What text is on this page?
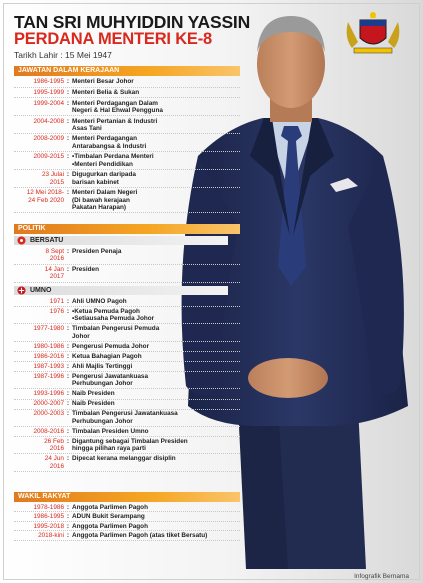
TAN SRI MUHYIDDIN YASSIN
PERDANA MENTERI KE-8
Tarikh Lahir : 15 Mei 1947
JAWATAN DALAM KERAJAAN
1986-1995 : Menteri Besar Johor
1995-1999 : Menteri Belia & Sukan
1999-2004 : Menteri Perdagangan Dalam
Negeri & Hal Ehwal Pengguna
2004-2008 : Menteri Pertanian & Industri
Asas Tani
2008-2009 : Menteri Perdagangan
Antarabangsa & Industri
2009-2015 : • Timbalan Perdana Menteri
• Menteri Pendidikan
23 Julai
2015
: Digugurkan daripada
barisan kabinet
12 Mei 2018-
24 Feb 2020
: Menteri Dalam Negeri
(Di bawah kerajaan
Pakatan Harapan)
POLITIK
BERSATU
8 Sept
2016
: Presiden Penaja
14 Jan
2017
: Presiden
UMNO
1971 : Ahli UMNO Pagoh
1976 : • Ketua Pemuda Pagoh
• Setiausaha Pemuda Johor
1977-1980 : Timbalan Pengerusi Pemuda
Johor
1980-1986 : Pengerusi Pemuda Johor
1986-2016 : Ketua Bahagian Pagoh
1987-1993 : Ahli Majlis Tertinggi
1987-1996 : Pengerusi Jawatankuasa
Perhubungan Johor
1993-1996 : Naib Presiden
2000-2007 : Naib Presiden
2000-2003 : Timbalan Pengerusi Jawatankuasa
Perhubungan Johor
2008-2016 : Timbalan Presiden Umno
26 Feb
2016
: Digantung sebagai Timbalan Presiden
hingga pilihan raya parti
24 Jun
2016
: Dipecat kerana melanggar disiplin
WAKIL RAKYAT
1978-1986 : Anggota Parlimen Pagoh
1986-1995 : ADUN Bukit Serampang
1995-2018 : Anggota Parlimen Pagoh
2018-kini : Anggota Parlimen Pagoh (atas tiket Bersatu)
Infografik Bernama
